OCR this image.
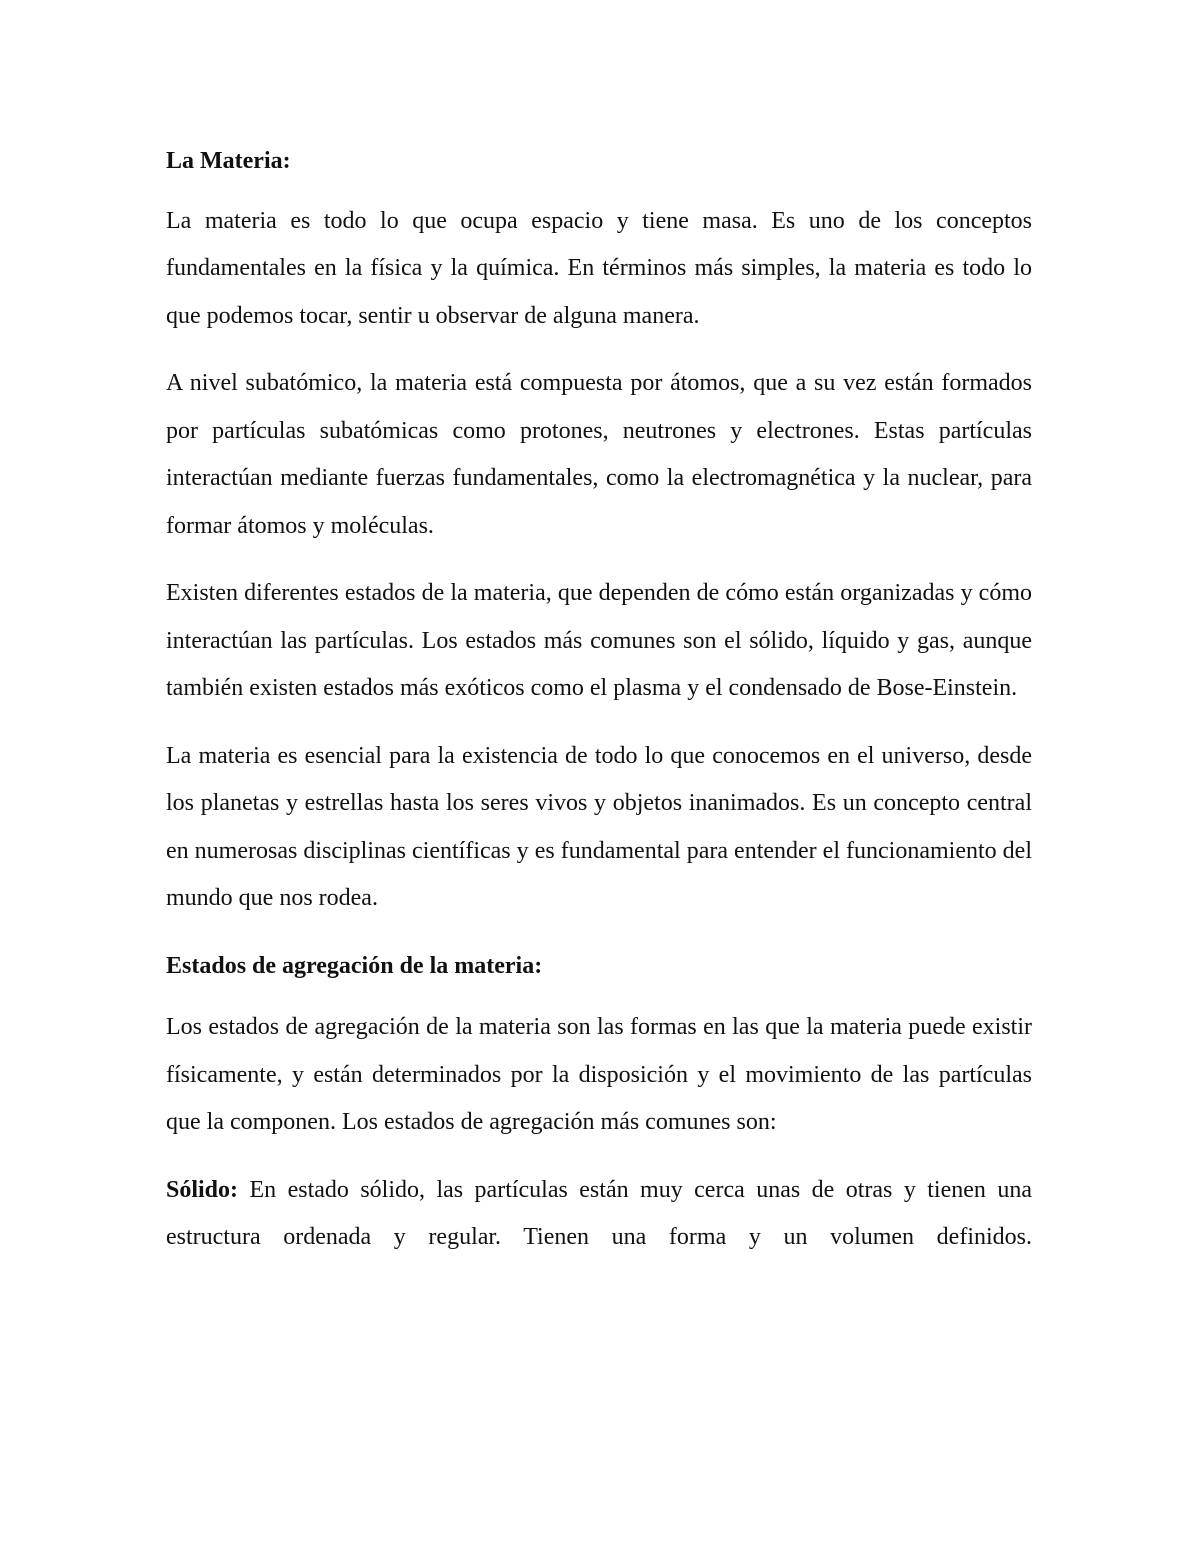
La Materia:

La materia es todo lo que ocupa espacio y tiene masa. Es uno de los conceptos fundamentales en la física y la química. En términos más simples, la materia es todo lo que podemos tocar, sentir u observar de alguna manera.

A nivel subatómico, la materia está compuesta por átomos, que a su vez están formados por partículas subatómicas como protones, neutrones y electrones. Estas partículas interactúan mediante fuerzas fundamentales, como la electromagnética y la nuclear, para formar átomos y moléculas.

Existen diferentes estados de la materia, que dependen de cómo están organizadas y cómo interactúan las partículas. Los estados más comunes son el sólido, líquido y gas, aunque también existen estados más exóticos como el plasma y el condensado de Bose-Einstein.

La materia es esencial para la existencia de todo lo que conocemos en el universo, desde los planetas y estrellas hasta los seres vivos y objetos inanimados. Es un concepto central en numerosas disciplinas científicas y es fundamental para entender el funcionamiento del mundo que nos rodea.

Estados de agregación de la materia:

Los estados de agregación de la materia son las formas en las que la materia puede existir físicamente, y están determinados por la disposición y el movimiento de las partículas que la componen. Los estados de agregación más comunes son:

Sólido: En estado sólido, las partículas están muy cerca unas de otras y tienen una estructura ordenada y regular. Tienen una forma y un volumen definidos.
